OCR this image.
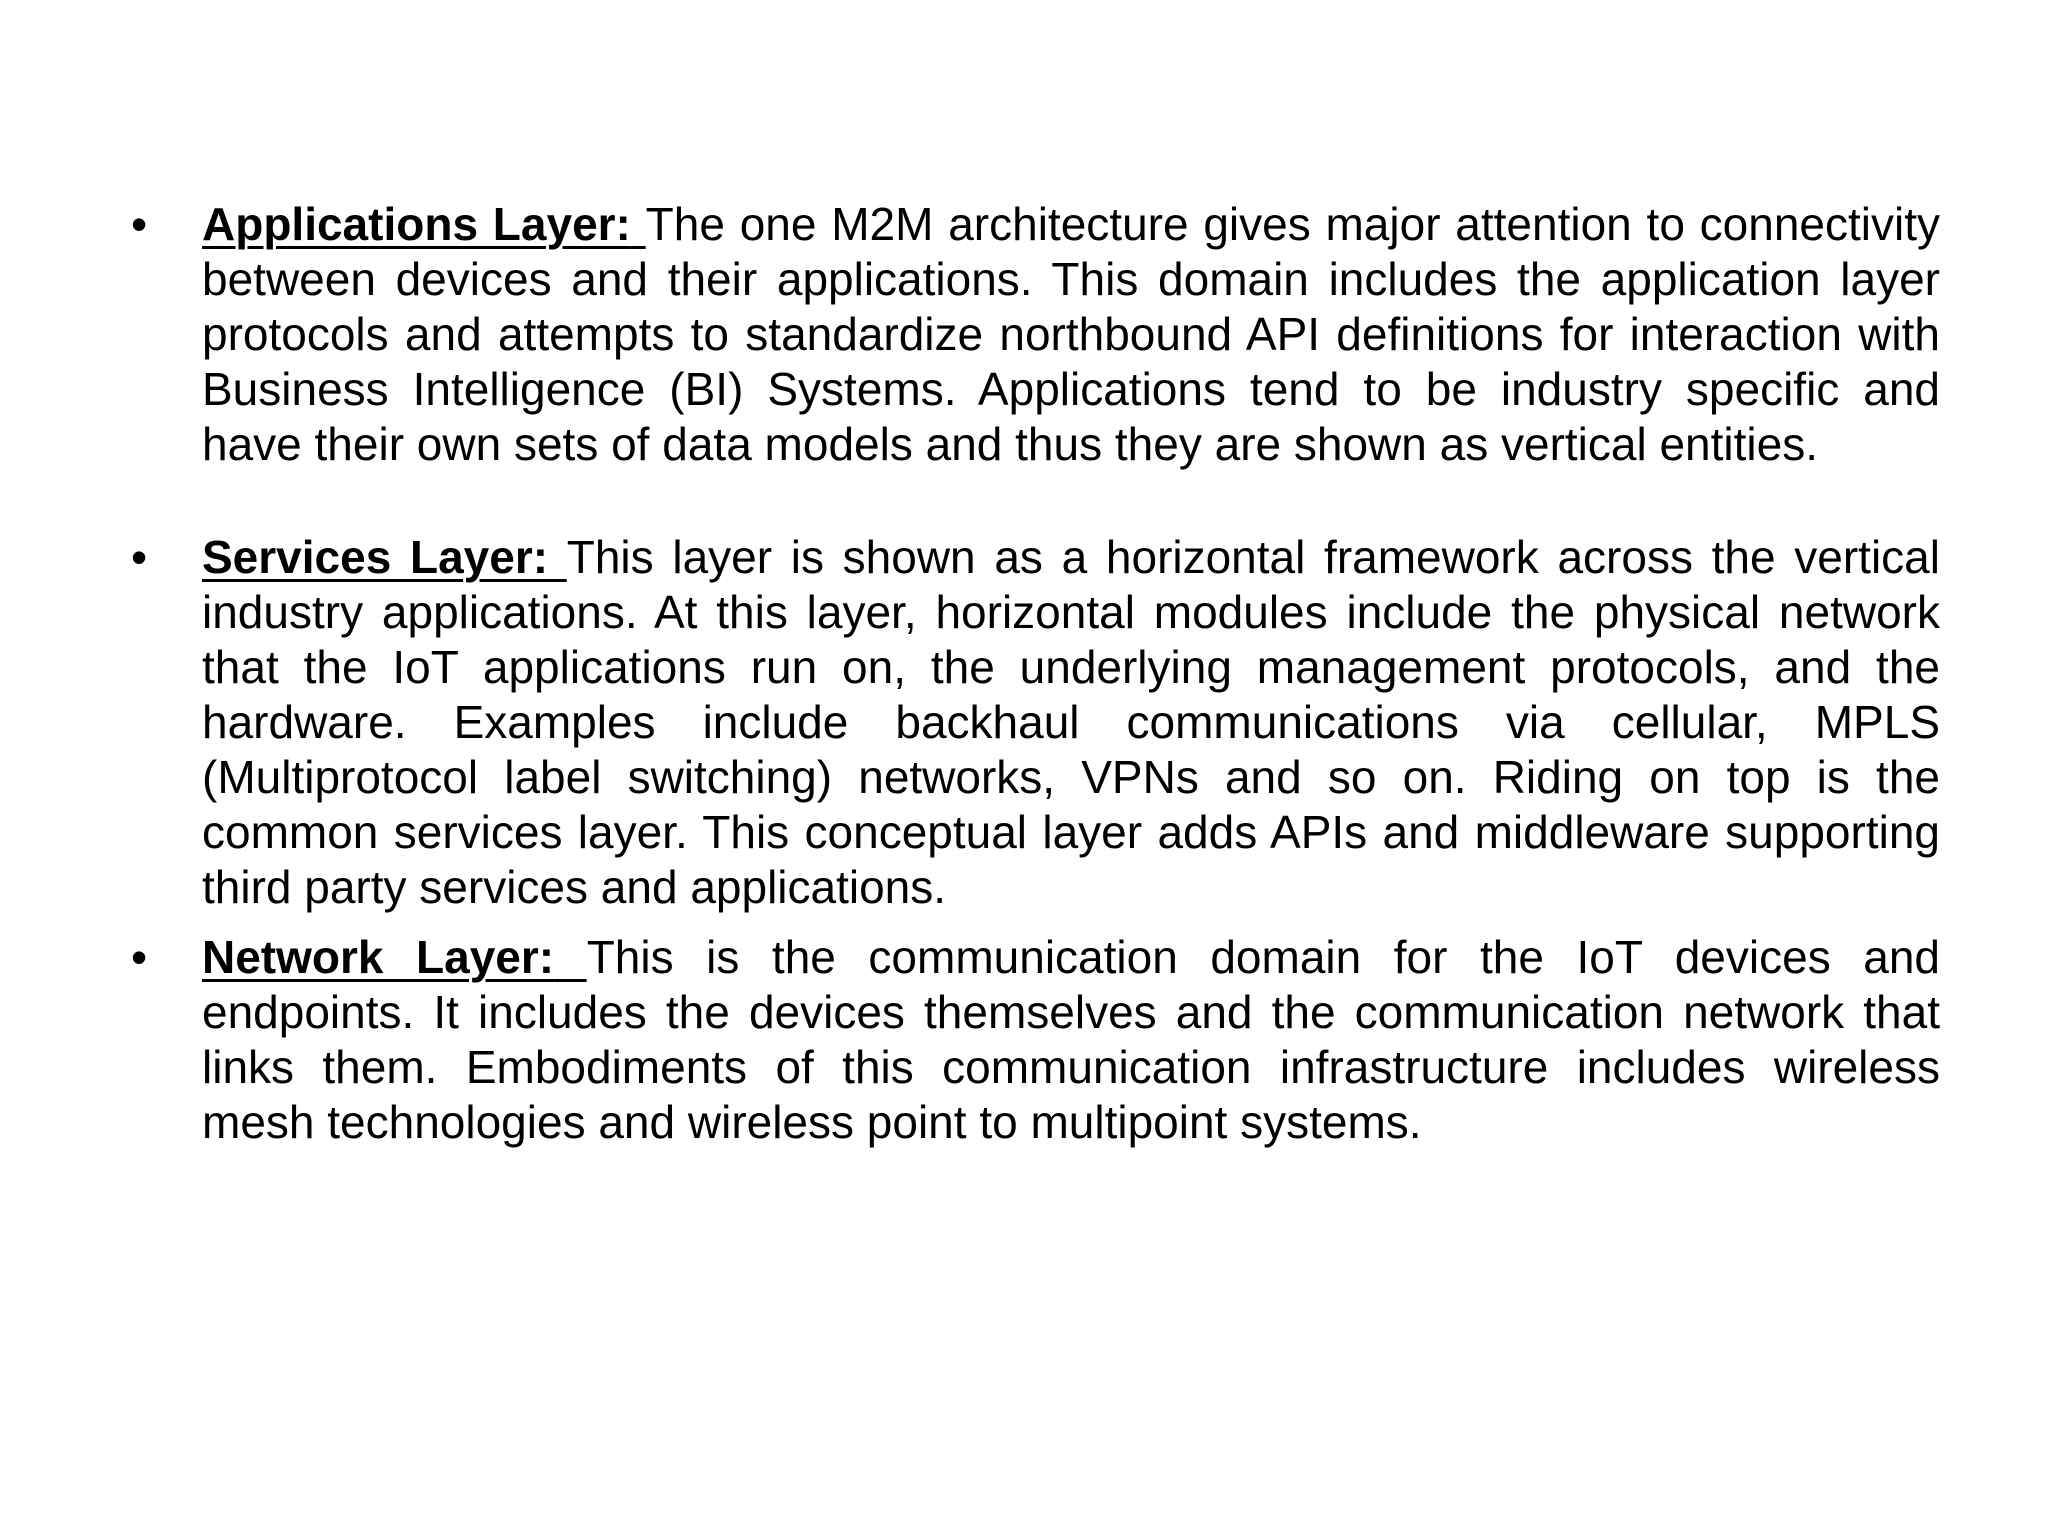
• Applications Layer: The one M2M architecture gives major attention to connectivity between devices and their applications. This domain includes the application layer protocols and attempts to standardize northbound API definitions for interaction with Business Intelligence (BI) Systems. Applications tend to be industry specific and have their own sets of data models and thus they are shown as vertical entities.
• Services Layer: This layer is shown as a horizontal framework across the vertical industry applications. At this layer, horizontal modules include the physical network that the IoT applications run on, the underlying management protocols, and the hardware. Examples include backhaul communications via cellular, MPLS (Multiprotocol label switching) networks, VPNs and so on. Riding on top is the common services layer. This conceptual layer adds APIs and middleware supporting third party services and applications.
• Network Layer: This is the communication domain for the IoT devices and endpoints. It includes the devices themselves and the communication network that links them. Embodiments of this communication infrastructure includes wireless mesh technologies and wireless point to multipoint systems.
